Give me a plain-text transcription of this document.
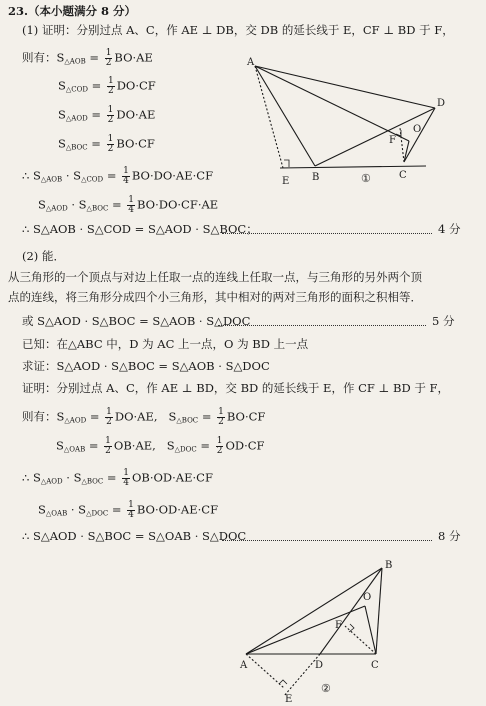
23.（本小题满分 8 分）
(1) 证明：分别过点 A、C，作 AE ⊥ DB，交 DB 的延长线于 E，CF ⊥ BD 于 F，
则有：$S_{\triangle AOB} = \frac{1}{2} BO\cdot AE$
$S_{\triangle COD} = \frac{1}{2} DO\cdot CF$
$S_{\triangle AOD} = \frac{1}{2} DO\cdot AE$
$S_{\triangle BOC} = \frac{1}{2} BO\cdot CF$
∴ $S_{\triangle AOB} \cdot S_{\triangle COD} = \frac{1}{4} BO\cdot DO\cdot AE\cdot CF$
$S_{\triangle AOD} \cdot S_{\triangle BOC} = \frac{1}{4} BO\cdot DO\cdot CF\cdot AE$
∴ S△AOB · S△COD = S△AOD · S△BOC；	4 分
A
B	C
D
E
F
O
①
(2) 能．
从三角形的一个顶点与对边上任取一点的连线上任取一点，与三角形的另外两个顶
点的连线，将三角形分成四个小三角形，其中相对的两对三角形的面积之积相等．
或 S△AOD · S△BOC = S△AOB · S△DOC	5 分
已知：在△ABC 中，D 为 AC 上一点，O 为 BD 上一点
求证：S△AOD · S△BOC = S△AOB · S△DOC
证明：分别过点 A、C，作 AE ⊥ BD，交 BD 的延长线于 E，作 CF ⊥ BD 于 F，
则有：$S_{\triangle AOD} = \frac{1}{2} DO\cdot AE$,   $S_{\triangle BOC} = \frac{1}{2} BO\cdot CF$
$S_{\triangle OAB} = \frac{1}{2} OB\cdot AE$,   $S_{\triangle DOC} = \frac{1}{2} OD\cdot CF$
∴ $S_{\triangle AOD} \cdot S_{\triangle BOC} = \frac{1}{4} OB\cdot OD\cdot AE\cdot CF$
$S_{\triangle OAB} \cdot S_{\triangle DOC} = \frac{1}{4} BO\cdot OD\cdot AE\cdot CF$
∴ S△AOD · S△BOC = S△OAB · S△DOC	8 分
A
B
C
D
E
F
O
②
